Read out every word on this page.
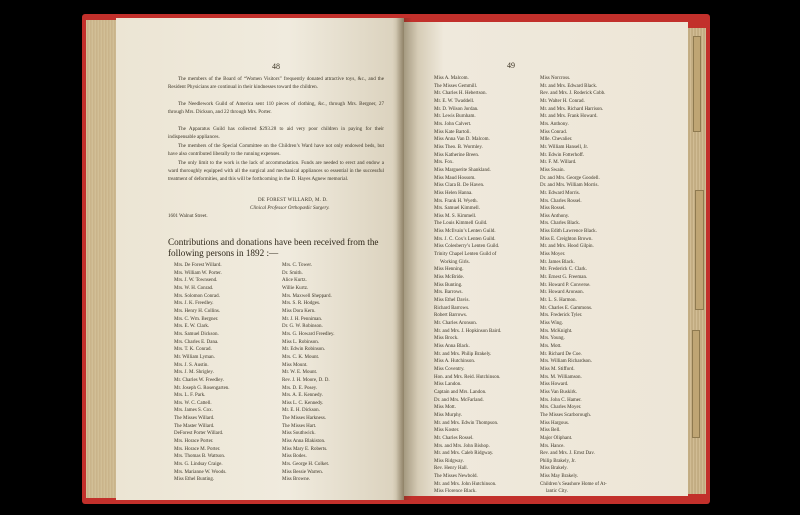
48
The members of the Board of “Women Visitors” frequently donated attractive toys, &c., and the Resident Physicians are continual in their kindnesses toward the children.
The Needlework Guild of America sent 110 pieces of clothing, &c., through Mrs. Bergner, 27 through Mrs. Dickson, and 22 through Mrs. Porter.
The Apparatus Guild has collected $293.28 to aid very poor children in paying for their indispensable appliances.
The members of the Special Committee on the Children’s Ward have not only endowed beds, but have also contributed liberally to the running expenses.
The only limit to the work is the lack of accommodation. Funds are needed to erect and endow a ward thoroughly equipped with all the surgical and mechanical appliances so essential in the successful treatment of deformities, and this will be forthcoming in the D. Hayes Agnew memorial.
DE FOREST WILLARD, M. D.
Clinical Professor Orthopædic Surgery.
1601 Walnut Street.
Contributions and donations have been received from the following persons in 1892 :—
Mrs. De Forest Willard.
Mrs. William W. Porter.
Mrs. J. W. Townsend.
Mrs. W. H. Conrad.
Mrs. Solomon Conrad.
Mrs. J. K. Freedley.
Mrs. Henry H. Collins.
Mrs. C. Wm. Bergner.
Mrs. E. W. Clark.
Mrs. Samuel Dickson.
Mrs. Charles E. Dana.
Mrs. T. K. Conrad.
Mr. William Lyman.
Mrs. J. S. Austin.
Mrs. J. M. Shrigley.
Mr. Charles W. Freedley.
Mr. Joseph G. Rosengarten.
Mrs. L. F. Park.
Mrs. W. C. Cattell.
Mrs. James S. Cox.
The Misses Willard.
The Master Willard.
DeForest Porter Willard.
Mrs. Horace Porter.
Mrs. Horace M. Porter.
Mrs. Thomas B. Wattson.
Mrs. G. Lindsay Craige.
Mrs. Marianne W. Woods.
Miss Ethel Bunting.
Mrs. C. Tower.
Dr. Smith.
Alice Kurtz.
Willie Kurtz.
Mrs. Maxwell Sheppard.
Mrs. S. R. Hodges.
Miss Dora Kern.
Mr. J. H. Penniman.
Dr. G. W. Robinson.
Mrs. G. Howard Freedley.
Miss L. Robinson.
Mr. Edwin Robinson.
Mrs. C. K. Mount.
Miss Mount.
Mr. W. E. Mount.
Rev. J. H. Moore, D. D.
Mrs. D. E. Posey.
Mrs. A. E. Kennedy.
Miss L. C. Kennedy.
Mr. E. H. Dickson.
The Misses Harkness.
The Misses Hart.
Miss Southwick.
Miss Anna Blakiston.
Miss Mary E. Roberts.
Miss Bodes.
Mrs. George H. Colket.
Miss Bessie Warren.
Miss Browne.
49
Miss A. Malcom.
The Misses Gemmill.
Mr. Charles H. Hebertson.
Mr. E. W. Twaddell.
Mr. D. Wilson Jordan.
Mr. Lewis Burnham.
Mrs. John Calvert.
Miss Kate Bartoli.
Miss Anna Van D. Malcom.
Miss Theo. B. Wormley.
Miss Katherine Breen.
Mrs. Fox.
Miss Marguerite Shankland.
Miss Maud Hossom.
Miss Clara B. De Haven.
Miss Helen Hanna.
Mrs. Frank H. Wyeth.
Mrs. Samuel Kimmell.
Miss M. S. Kimmell.
The Louis Kimmell Guild.
Miss McIlvain’s Lenten Guild.
Mrs. J. C. Cox’s Lenten Guild.
Miss Colesberry’s Lenten Guild.
Trinity Chapel Lenten Guild of
Working Girls.
Miss Henning.
Miss McBride.
Miss Bunting.
Mrs. Barrows.
Miss Ethel Davis.
Richard Barrows.
Robert Barrows.
Mr. Charles Aronson.
Mr. and Mrs. J. Hopkinson Baird.
Miss Brock.
Miss Anna Black.
Mr. and Mrs. Philip Brakely.
Miss A. Hutchinson.
Miss Coventry.
Hon. and Mrs. Reid. Hutchinson.
Miss Landon.
Captain and Mrs. Landon.
Dr. and Mrs. McFarland.
Miss Mott.
Miss Murphy.
Mr. and Mrs. Edwin Thompson.
Miss Koster.
Mr. Charles Rossel.
Mrs. and Mrs. John Bishop.
Mr. and Mrs. Caleb Ridgway.
Miss Ridgway.
Rev. Henry Hall.
The Misses Newbold.
Mr. and Mrs. John Hutchinson.
Miss Florence Black.
Miss Norcross.
Mr. and Mrs. Edward Black.
Rev. and Mrs. J. Roderick Cobb.
Mr. Walter H. Conrad.
Mr. and Mrs. Richard Harrison.
Mr. and Mrs. Frank Howard.
Mrs. Anthony.
Miss Conrad.
Mlle. Chevalier.
Mr. William Hansell, Jr.
Mr. Edwin Fotterhoff.
Mr. F. M. Willard.
Miss Swain.
Dr. and Mrs. George Goodell.
Dr. and Mrs. William Morris.
Mr. Edward Morris.
Mrs. Charles Rossel.
Miss Rossel.
Miss Anthony.
Mrs. Charles Black.
Miss Edith Lawrence Black.
Miss E. Creighton Brown.
Mr. and Mrs. Hood Gilpin.
Miss Moyer.
Mr. James Black.
Mr. Frederick C. Clark.
Mr. Ernest G. Freeman.
Mr. Howard P. Converse.
Mr. Howard Aronson.
Mr. L. S. Harmon.
Mr. Charles E. Gammons.
Mrs. Frederick Tyler.
Miss Wing.
Mrs. McKnight.
Mrs. Young.
Mrs. Mott.
Mr. Richard De Coe.
Mrs. William Richardson.
Miss M. Stifford.
Mrs. M. Williamson.
Miss Howard.
Miss Van Buskirk.
Mrs. John C. Hamer.
Mrs. Charles Moyer.
The Misses Scarborough.
Miss Hargous.
Miss Bell.
Major Oliphant.
Mrs. Hance.
Rev. and Mrs. J. Ernst Dav.
Philip Brakely, Jr.
Miss Brakely.
Miss May Brakely.
Children’s Seashore Home of At-
lantic City.
